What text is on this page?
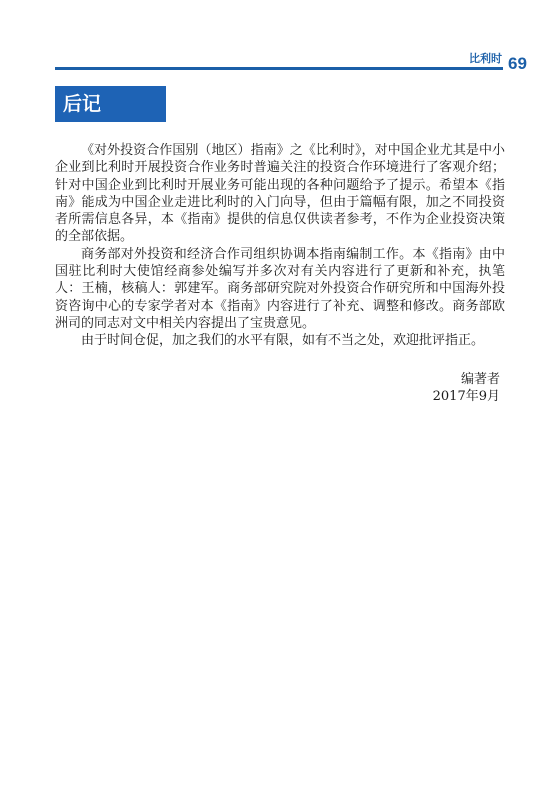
比利时 69
后记

《对外投资合作国别（地区）指南》之《比利时》，对中国企业尤其是中小企业到比利时开展投资合作业务时普遍关注的投资合作环境进行了客观介绍；针对中国企业到比利时开展业务可能出现的各种问题给予了提示。希望本《指南》能成为中国企业走进比利时的入门向导，但由于篇幅有限，加之不同投资者所需信息各异，本《指南》提供的信息仅供读者参考，不作为企业投资决策的全部依据。

商务部对外投资和经济合作司组织协调本指南编制工作。本《指南》由中国驻比利时大使馆经商参处编写并多次对有关内容进行了更新和补充，执笔人：王楠，核稿人：郭建军。商务部研究院对外投资合作研究所和中国海外投资咨询中心的专家学者对本《指南》内容进行了补充、调整和修改。商务部欧洲司的同志对文中相关内容提出了宝贵意见。

由于时间仓促，加之我们的水平有限，如有不当之处，欢迎批评指正。

编著者
2017年9月
